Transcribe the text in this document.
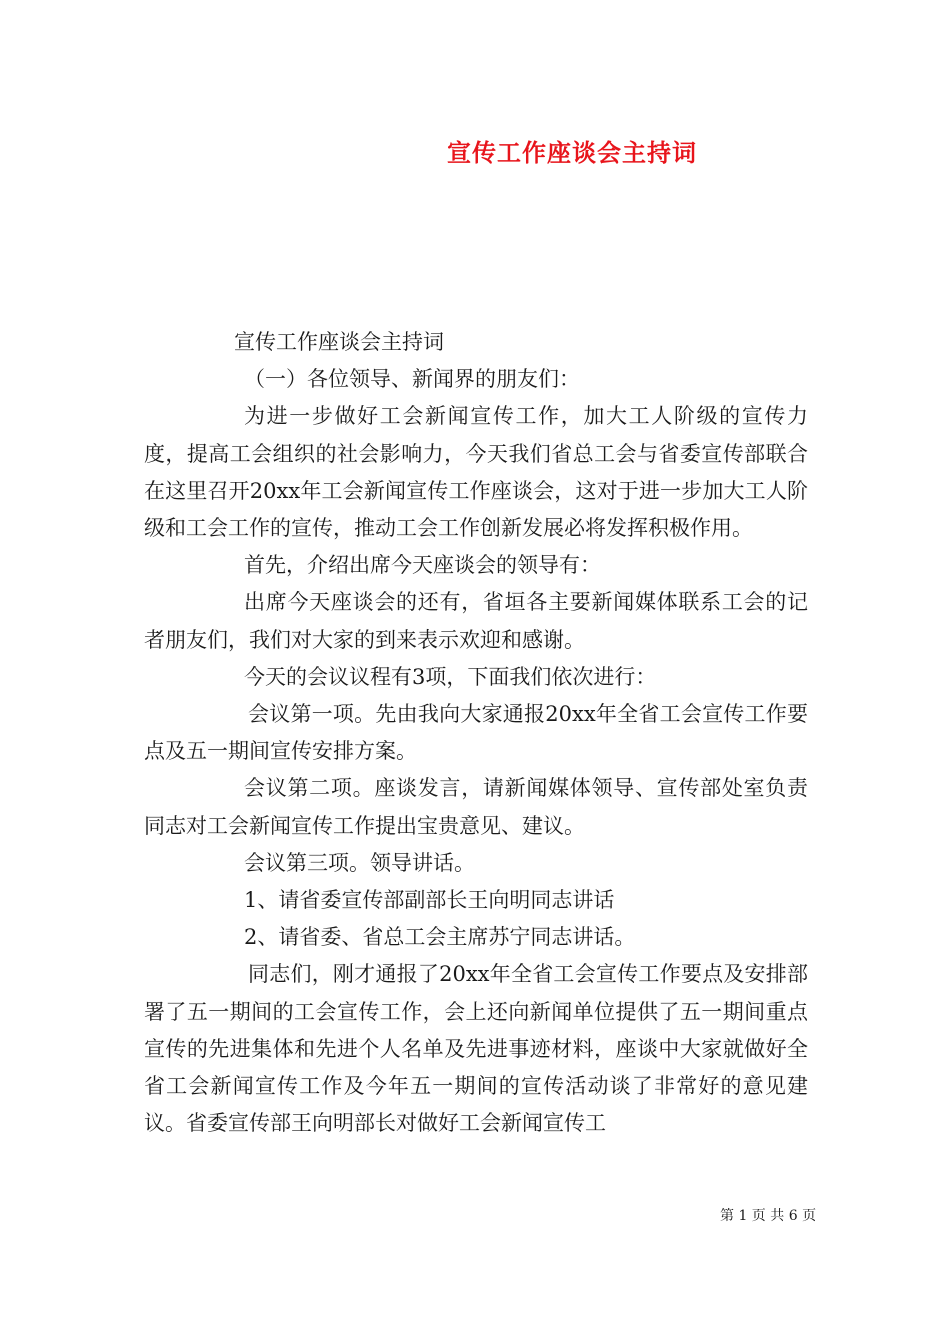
宣传工作座谈会主持词

宣传工作座谈会主持词

（一）各位领导、新闻界的朋友们：

为进一步做好工会新闻宣传工作，加大工人阶级的宣传力度，提高工会组织的社会影响力，今天我们省总工会与省委宣传部联合在这里召开20xx年工会新闻宣传工作座谈会，这对于进一步加大工人阶级和工会工作的宣传，推动工会工作创新发展必将发挥积极作用。

首先，介绍出席今天座谈会的领导有：

出席今天座谈会的还有，省垣各主要新闻媒体联系工会的记者朋友们，我们对大家的到来表示欢迎和感谢。

今天的会议议程有3项，下面我们依次进行：

会议第一项。先由我向大家通报20xx年全省工会宣传工作要点及五一期间宣传安排方案。

会议第二项。座谈发言，请新闻媒体领导、宣传部处室负责同志对工会新闻宣传工作提出宝贵意见、建议。

会议第三项。领导讲话。

1、请省委宣传部副部长王向明同志讲话

2、请省委、省总工会主席苏宁同志讲话。

同志们，刚才通报了20xx年全省工会宣传工作要点及安排部署了五一期间的工会宣传工作，会上还向新闻单位提供了五一期间重点宣传的先进集体和先进个人名单及先进事迹材料，座谈中大家就做好全省工会新闻宣传工作及今年五一期间的宣传活动谈了非常好的意见建议。省委宣传部王向明部长对做好工会新闻宣传工

第 1 页 共 6 页
